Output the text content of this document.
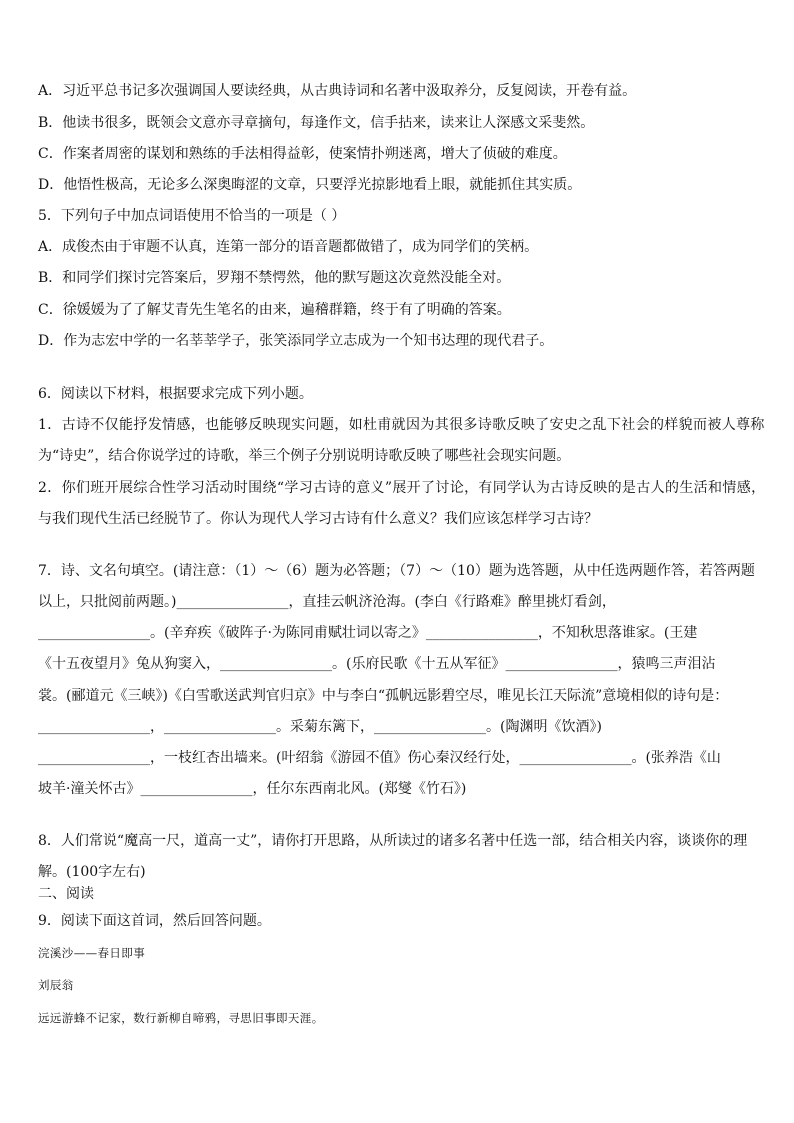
A．习近平总书记多次强调国人要读经典，从古典诗词和名著中汲取养分，反复阅读，开卷有益。
B．他读书很多，既领会文意亦寻章摘句，每逢作文，信手拈来，读来让人深感文采斐然。
C．作案者周密的谋划和熟练的手法相得益彰，使案情扑朔迷离，增大了侦破的难度。
D．他悟性极高，无论多么深奥晦涩的文章，只要浮光掠影地看上眼，就能抓住其实质。
5．下列句子中加点词语使用不恰当的一项是（ ）
A．成俊杰由于审题不认真，连第一部分的语音题都做错了，成为同学们的笑柄。
B．和同学们探讨完答案后，罗翔不禁愕然，他的默写题这次竟然没能全对。
C．徐媛媛为了了解艾青先生笔名的由来，遍稽群籍，终于有了明确的答案。
D．作为志宏中学的一名莘莘学子，张笑添同学立志成为一个知书达理的现代君子。
6．阅读以下材料，根据要求完成下列小题。
1．古诗不仅能抒发情感，也能够反映现实问题，如杜甫就因为其很多诗歌反映了安史之乱下社会的样貌而被人尊称
为“诗史”，结合你说学过的诗歌，举三个例子分别说明诗歌反映了哪些社会现实问题。
2．你们班开展综合性学习活动时围绕“学习古诗的意义”展开了讨论，有同学认为古诗反映的是古人的生活和情感，
与我们现代生活已经脱节了。你认为现代人学习古诗有什么意义？我们应该怎样学习古诗？
7．诗、文名句填空。(请注意：（1）～（6）题为必答题；（7）～（10）题为选答题，从中任选两题作答，若答两题
以上，只批阅前两题。)________________，直挂云帆济沧海。(李白《行路难》醉里挑灯看剑，
________________。(辛弃疾《破阵子·为陈同甫赋壮词以寄之》________________，不知秋思落谁家。(王建
《十五夜望月》兔从狗窦入，________________。(乐府民歌《十五从军征》________________，猿鸣三声泪沾
裳。(郦道元《三峡》)《白雪歌送武判官归京》中与李白“孤帆远影碧空尽，唯见长江天际流”意境相似的诗句是：
________________，________________。采菊东篱下，________________。(陶渊明《饮酒》)
________________，一枝红杏出墙来。(叶绍翁《游园不值》伤心秦汉经行处，________________。(张养浩《山
坡羊·潼关怀古》________________，任尔东西南北风。(郑燮《竹石》)
8．人们常说“魔高一尺，道高一丈”，请你打开思路，从所读过的诸多名著中任选一部，结合相关内容，谈谈你的理
解。(100字左右)
二、阅读
9．阅读下面这首词，然后回答问题。
浣溪沙——春日即事
刘辰翁
远远游蜂不记家，数行新柳自啼鸦，寻思旧事即天涯。
